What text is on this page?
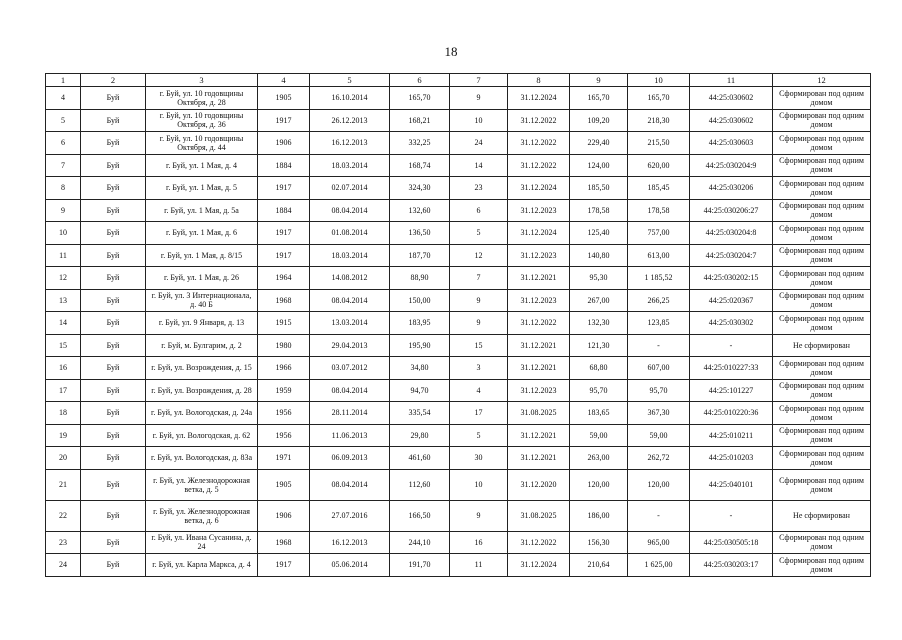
18
1	2	3	4	5	6	7	8	9	10	11	12
4	Буй	г. Буй, ул. 10 годовщины Октября, д. 28	1905	16.10.2014	165,70	9	31.12.2024	165,70	165,70	44:25:030602	Сформирован под одним домом
5	Буй	г. Буй, ул. 10 годовщины Октября, д. 36	1917	26.12.2013	168,21	10	31.12.2022	109,20	218,30	44:25:030602	Сформирован под одним домом
6	Буй	г. Буй, ул. 10 годовщины Октября, д. 44	1906	16.12.2013	332,25	24	31.12.2022	229,40	215,50	44:25:030603	Сформирован под одним домом
7	Буй	г. Буй, ул. 1 Мая, д. 4	1884	18.03.2014	168,74	14	31.12.2022	124,00	620,00	44:25:030204:9	Сформирован под одним домом
8	Буй	г. Буй, ул. 1 Мая, д. 5	1917	02.07.2014	324,30	23	31.12.2024	185,50	185,45	44:25:030206	Сформирован под одним домом
9	Буй	г. Буй, ул. 1 Мая, д. 5а	1884	08.04.2014	132,60	6	31.12.2023	178,58	178,58	44:25:030206:27	Сформирован под одним домом
10	Буй	г. Буй, ул. 1 Мая, д. 6	1917	01.08.2014	136,50	5	31.12.2024	125,40	757,00	44:25:030204:8	Сформирован под одним домом
11	Буй	г. Буй, ул. 1 Мая, д. 8/15	1917	18.03.2014	187,70	12	31.12.2023	140,80	613,00	44:25:030204:7	Сформирован под одним домом
12	Буй	г. Буй, ул. 1 Мая, д. 26	1964	14.08.2012	88,90	7	31.12.2021	95,30	1 185,52	44:25:030202:15	Сформирован под одним домом
13	Буй	г. Буй, ул. 3 Интернационала, д. 40 Б	1968	08.04.2014	150,00	9	31.12.2023	267,00	266,25	44:25:020367	Сформирован под одним домом
14	Буй	г. Буй, ул. 9 Января, д. 13	1915	13.03.2014	183,95	9	31.12.2022	132,30	123,85	44:25:030302	Сформирован под одним домом
15	Буй	г. Буй, м. Булгарим, д. 2	1980	29.04.2013	195,90	15	31.12.2021	121,30	-	-	Не сформирован
16	Буй	г. Буй, ул. Возрождения, д. 15	1966	03.07.2012	34,80	3	31.12.2021	68,80	607,00	44:25:010227:33	Сформирован под одним домом
17	Буй	г. Буй, ул. Возрождения, д. 28	1959	08.04.2014	94,70	4	31.12.2023	95,70	95,70	44:25:101227	Сформирован под одним домом
18	Буй	г. Буй, ул. Вологодская, д. 24а	1956	28.11.2014	335,54	17	31.08.2025	183,65	367,30	44:25:010220:36	Сформирован под одним домом
19	Буй	г. Буй, ул. Вологодская, д. 62	1956	11.06.2013	29,80	5	31.12.2021	59,00	59,00	44:25:010211	Сформирован под одним домом
20	Буй	г. Буй, ул. Вологодская, д. 83а	1971	06.09.2013	461,60	30	31.12.2021	263,00	262,72	44:25:010203	Сформирован под одним домом
21	Буй	г. Буй, ул. Железнодорожная ветка, д. 5	1905	08.04.2014	112,60	10	31.12.2020	120,00	120,00	44:25:040101	Сформирован под одним домом
22	Буй	г. Буй, ул. Железнодорожная ветка, д. 6	1906	27.07.2016	166,50	9	31.08.2025	186,00	-	-	Не сформирован
23	Буй	г. Буй, ул. Ивана Сусанина, д. 24	1968	16.12.2013	244,10	16	31.12.2022	156,30	965,00	44:25:030505:18	Сформирован под одним домом
24	Буй	г. Буй, ул. Карла Маркса, д. 4	1917	05.06.2014	191,70	11	31.12.2024	210,64	1 625,00	44:25:030203:17	Сформирован под одним домом
